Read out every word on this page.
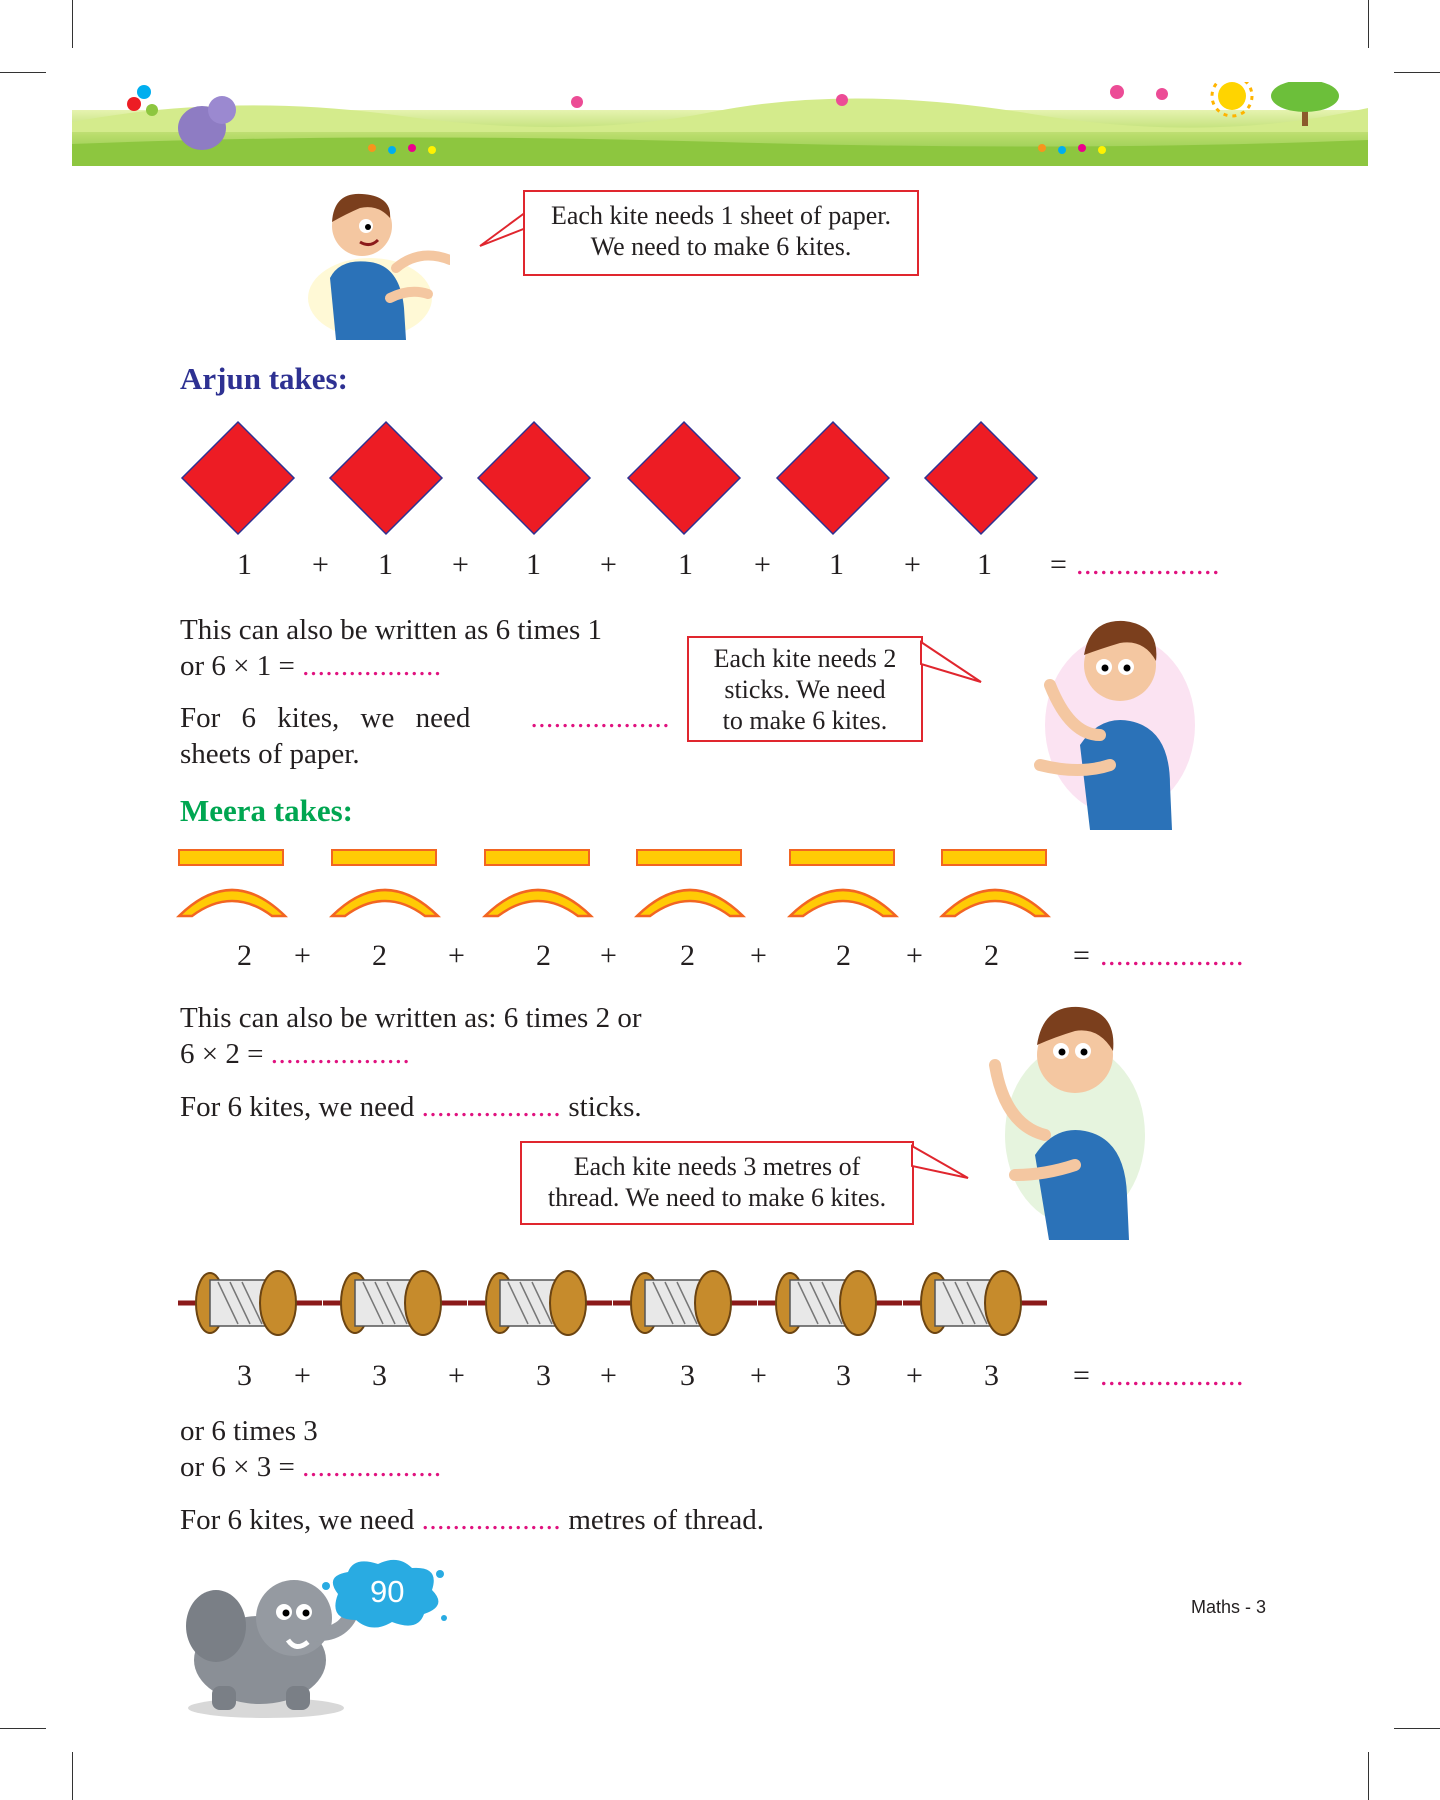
Each kite needs 1 sheet of paper.
We need to make 6 kites.
Arjun takes:
1 + 1 + 1 + 1 + 1 + 1 = ..................
This can also be written as 6 times 1
or 6 × 1 = ..................
For 6 kites, we need ..................
sheets of paper.
Each kite needs 2
sticks. We need
to make 6 kites.
Meera takes:
2 + 2 + 2 + 2 + 2 + 2 = ..................
This can also be written as: 6 times 2 or
6 × 2 = ..................
For 6 kites, we need .................. sticks.
Each kite needs 3 metres of
thread. We need to make 6 kites.
3 + 3 + 3 + 3 + 3 + 3 = ..................
or 6 times 3
or 6 × 3 = ..................
For 6 kites, we need .................. metres of thread.
90	Maths - 3
